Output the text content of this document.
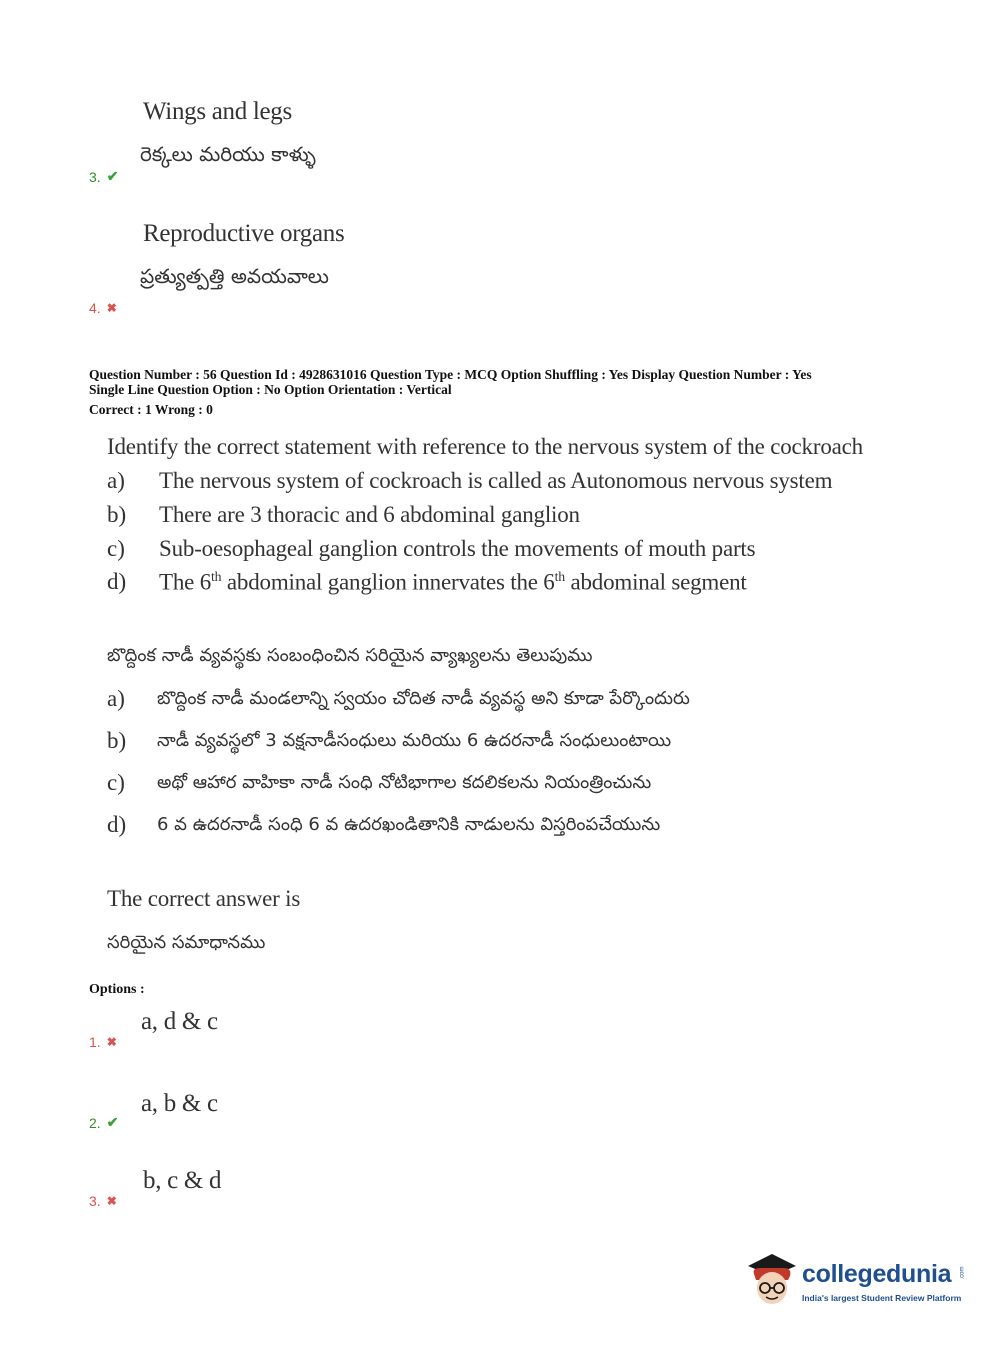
Wings and legs
రెక్కలు మరియు కాళ్ళు
3. ✔
Reproductive organs
ప్రత్యుత్పత్తి అవయవాలు
4. ✖
Question Number : 56 Question Id : 4928631016 Question Type : MCQ Option Shuffling : Yes Display Question Number : Yes
Single Line Question Option : No Option Orientation : Vertical
Correct : 1 Wrong : 0
Identify the correct statement with reference to the nervous system of the cockroach
a) The nervous system of cockroach is called as Autonomous nervous system
b) There are 3 thoracic and 6 abdominal ganglion
c) Sub-oesophageal ganglion controls the movements of mouth parts
d) The 6th abdominal ganglion innervates the 6th abdominal segment
బొద్దింక నాడీ వ్యవస్థకు సంబంధించిన సరియైన వ్యాఖ్యలను తెలుపుము
a) బొద్దింక నాడీ మండలాన్ని స్వయం చోదిత నాడీ వ్యవస్థ అని కూడా పేర్కొందురు
b) నాడీ వ్యవస్థలో 3 వక్షనాడీసంధులు మరియు 6 ఉదరనాడీ సంధులుంటాయి
c) అథో ఆహార వాహికా నాడీ సంధి నోటిభాగాల కదలికలను నియంత్రించును
d) 6 వ ఉదరనాడీ సంధి 6 వ ఉదరఖండితానికి నాడులను విస్తరింపచేయును
The correct answer is
సరియైన సమాధానము
Options :
a, d & c
1. ✖
a, b & c
2. ✔
b, c & d
3. ✖
collegedunia .com
India's largest Student Review Platform
